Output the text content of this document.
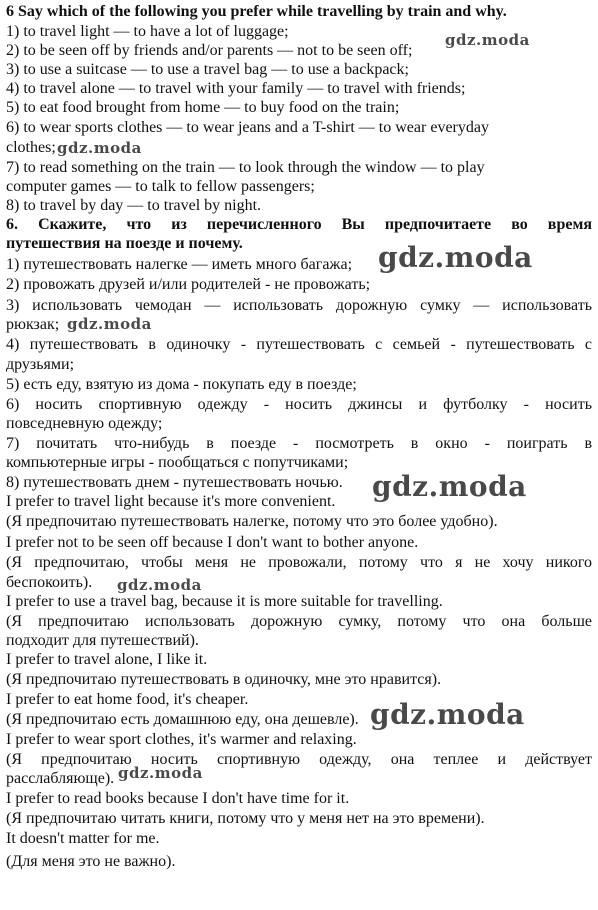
6 Say which of the following you prefer while travelling by train and why.
1) to travel light — to have a lot of luggage;
2) to be seen off by friends and/or parents — not to be seen off;
3) to use a suitcase — to use a travel bag — to use a backpack;
4) to travel alone — to travel with your family — to travel with friends;
5) to eat food brought from home — to buy food on the train;
6) to wear sports clothes — to wear jeans and a T-shirt — to wear everyday
clothes;
7) to read something on the train — to look through the window — to play
computer games — to talk to fellow passengers;
8) to travel by day — to travel by night.
6. Скажите, что из перечисленного Вы предпочитаете во время
путешествия на поезде и почему.
1) путешествовать налегке — иметь много багажа;
2) провожать друзей и/или родителей - не провожать;
3) использовать чемодан — использовать дорожную сумку — использовать
рюкзак;
4) путешествовать в одиночку - путешествовать с семьей - путешествовать с
друзьями;
5) есть еду, взятую из дома - покупать еду в поезде;
6) носить спортивную одежду - носить джинсы и футболку - носить
повседневную одежду;
7) почитать что-нибудь в поезде - посмотреть в окно - поиграть в
компьютерные игры - пообщаться с попутчиками;
8) путешествовать днем - путешествовать ночью.
I prefer to travel light because it's more convenient.
(Я предпочитаю путешествовать налегке, потому что это более удобно).
I prefer not to be seen off because I don't want to bother anyone.
(Я предпочитаю, чтобы меня не провожали, потому что я не хочу никого
беспокоить).
I prefer to use a travel bag, because it is more suitable for travelling.
(Я предпочитаю использовать дорожную сумку, потому что она больше
подходит для путешествий).
I prefer to travel alone, I like it.
(Я предпочитаю путешествовать в одиночку, мне это нравится).
I prefer to eat home food, it's cheaper.
(Я предпочитаю есть домашнюю еду, она дешевле).
I prefer to wear sport clothes, it's warmer and relaxing.
(Я предпочитаю носить спортивную одежду, она теплее и действует
расслабляюще).
I prefer to read books because I don't have time for it.
(Я предпочитаю читать книги, потому что у меня нет на это времени).
It doesn't matter for me.
(Для меня это не важно).
gdz.moda
gdz.moda
gdz.moda
gdz.moda
gdz.moda
gdz.moda
gdz.moda
gdz.moda
